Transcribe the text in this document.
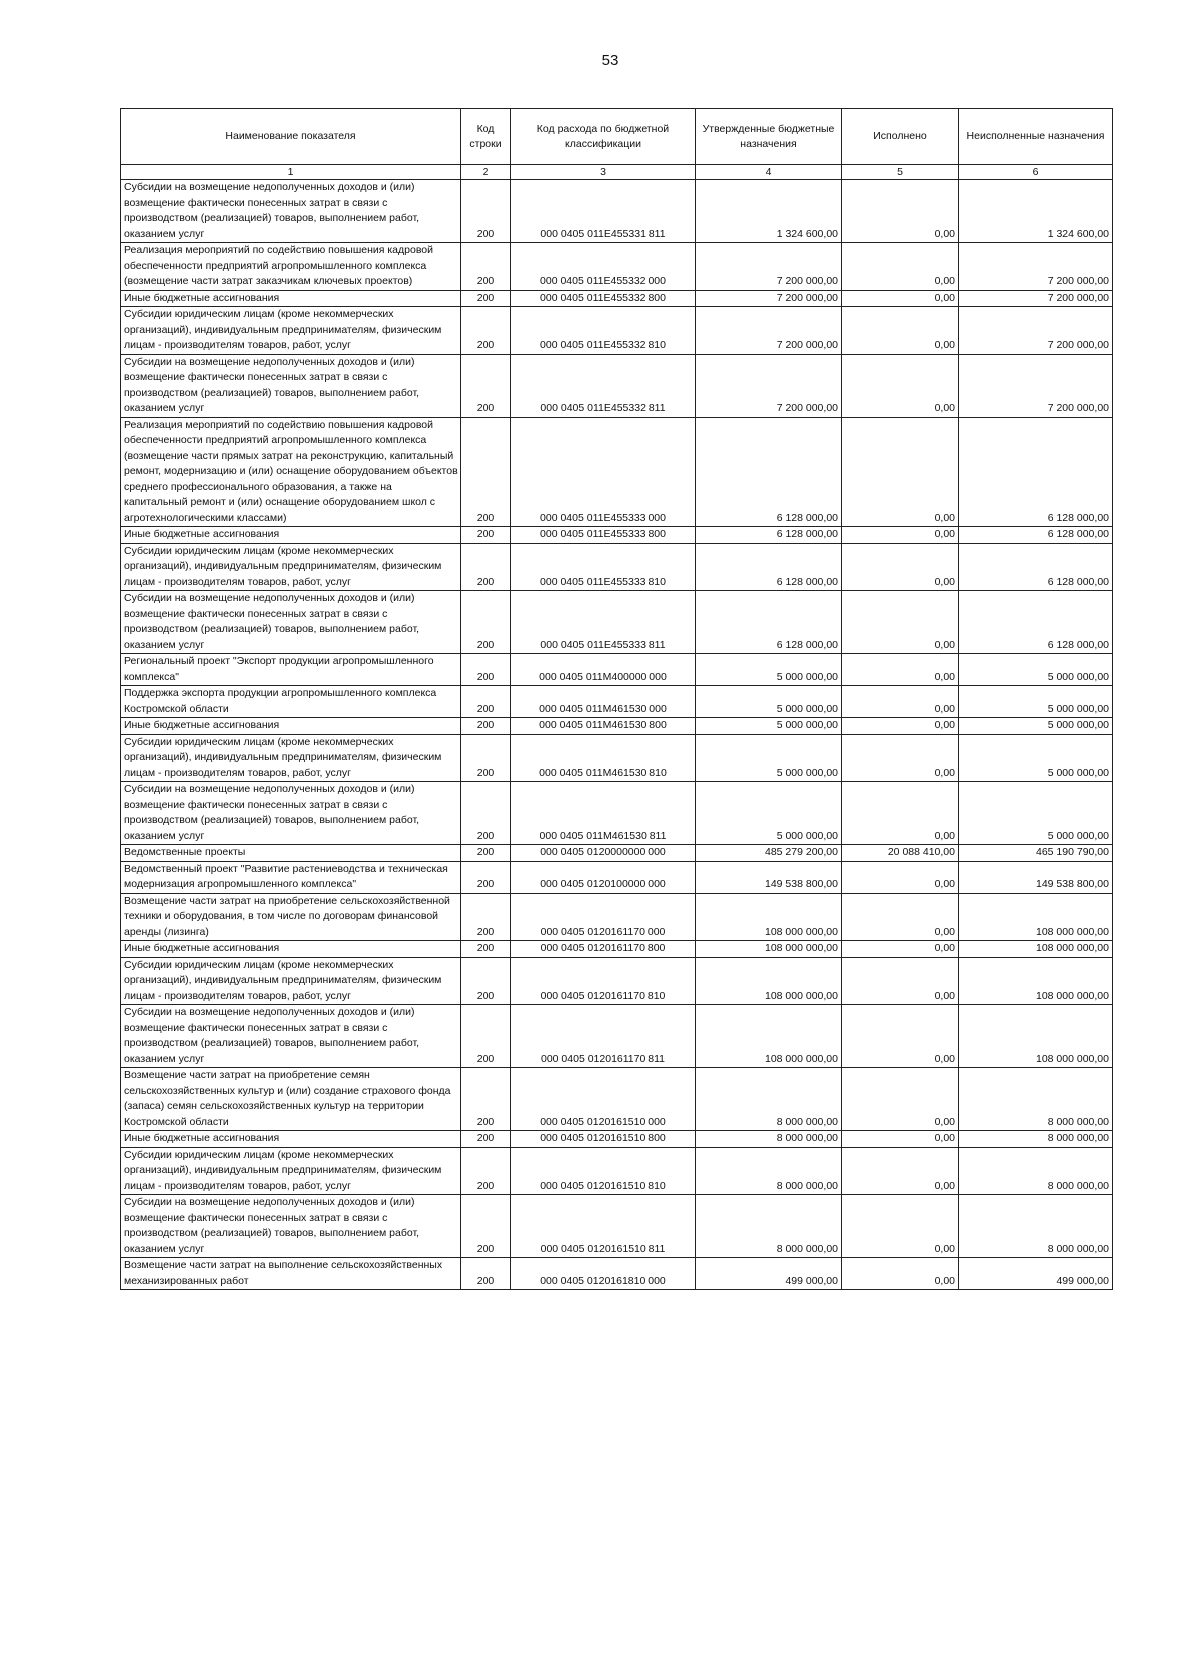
53
Наименование показателя	Код строки	Код расхода по бюджетной классификации	Утвержденные бюджетные назначения	Исполнено	Неисполненные назначения
1	2	3	4	5	6
Субсидии на возмещение недополученных доходов и (или) возмещение фактически понесенных затрат в связи с производством (реализацией) товаров, выполнением работ, оказанием услуг	200	000 0405 011E455331 811	1 324 600,00	0,00	1 324 600,00
Реализация мероприятий по содействию повышения кадровой обеспеченности предприятий агропромышленного комплекса (возмещение части затрат заказчикам ключевых проектов)	200	000 0405 011E455332 000	7 200 000,00	0,00	7 200 000,00
Иные бюджетные ассигнования	200	000 0405 011E455332 800	7 200 000,00	0,00	7 200 000,00
Субсидии юридическим лицам (кроме некоммерческих организаций), индивидуальным предпринимателям, физическим лицам - производителям товаров, работ, услуг	200	000 0405 011E455332 810	7 200 000,00	0,00	7 200 000,00
Субсидии на возмещение недополученных доходов и (или) возмещение фактически понесенных затрат в связи с производством (реализацией) товаров, выполнением работ, оказанием услуг	200	000 0405 011E455332 811	7 200 000,00	0,00	7 200 000,00
Реализация мероприятий по содействию повышения кадровой обеспеченности предприятий агропромышленного комплекса (возмещение части прямых затрат на реконструкцию, капитальный ремонт, модернизацию и (или) оснащение оборудованием объектов среднего профессионального образования, а также на капитальный ремонт и (или) оснащение оборудованием школ с агротехнологическими классами)	200	000 0405 011E455333 000	6 128 000,00	0,00	6 128 000,00
Иные бюджетные ассигнования	200	000 0405 011E455333 800	6 128 000,00	0,00	6 128 000,00
Субсидии юридическим лицам (кроме некоммерческих организаций), индивидуальным предпринимателям, физическим лицам - производителям товаров, работ, услуг	200	000 0405 011E455333 810	6 128 000,00	0,00	6 128 000,00
Субсидии на возмещение недополученных доходов и (или) возмещение фактически понесенных затрат в связи с производством (реализацией) товаров, выполнением работ, оказанием услуг	200	000 0405 011E455333 811	6 128 000,00	0,00	6 128 000,00
Региональный проект "Экспорт продукции агропромышленного комплекса"	200	000 0405 011M400000 000	5 000 000,00	0,00	5 000 000,00
Поддержка экспорта продукции агропромышленного комплекса Костромской области	200	000 0405 011M461530 000	5 000 000,00	0,00	5 000 000,00
Иные бюджетные ассигнования	200	000 0405 011M461530 800	5 000 000,00	0,00	5 000 000,00
Субсидии юридическим лицам (кроме некоммерческих организаций), индивидуальным предпринимателям, физическим лицам - производителям товаров, работ, услуг	200	000 0405 011M461530 810	5 000 000,00	0,00	5 000 000,00
Субсидии на возмещение недополученных доходов и (или) возмещение фактически понесенных затрат в связи с производством (реализацией) товаров, выполнением работ, оказанием услуг	200	000 0405 011M461530 811	5 000 000,00	0,00	5 000 000,00
Ведомственные проекты	200	000 0405 0120000000 000	485 279 200,00	20 088 410,00	465 190 790,00
Ведомственный проект "Развитие растениеводства и техническая модернизация агропромышленного комплекса"	200	000 0405 0120100000 000	149 538 800,00	0,00	149 538 800,00
Возмещение части затрат на приобретение сельскохозяйственной техники и оборудования, в том числе по договорам финансовой аренды (лизинга)	200	000 0405 0120161170 000	108 000 000,00	0,00	108 000 000,00
Иные бюджетные ассигнования	200	000 0405 0120161170 800	108 000 000,00	0,00	108 000 000,00
Субсидии юридическим лицам (кроме некоммерческих организаций), индивидуальным предпринимателям, физическим лицам - производителям товаров, работ, услуг	200	000 0405 0120161170 810	108 000 000,00	0,00	108 000 000,00
Субсидии на возмещение недополученных доходов и (или) возмещение фактически понесенных затрат в связи с производством (реализацией) товаров, выполнением работ, оказанием услуг	200	000 0405 0120161170 811	108 000 000,00	0,00	108 000 000,00
Возмещение части затрат на приобретение семян сельскохозяйственных культур и (или) создание страхового фонда (запаса) семян сельскохозяйственных культур на территории Костромской области	200	000 0405 0120161510 000	8 000 000,00	0,00	8 000 000,00
Иные бюджетные ассигнования	200	000 0405 0120161510 800	8 000 000,00	0,00	8 000 000,00
Субсидии юридическим лицам (кроме некоммерческих организаций), индивидуальным предпринимателям, физическим лицам - производителям товаров, работ, услуг	200	000 0405 0120161510 810	8 000 000,00	0,00	8 000 000,00
Субсидии на возмещение недополученных доходов и (или) возмещение фактически понесенных затрат в связи с производством (реализацией) товаров, выполнением работ, оказанием услуг	200	000 0405 0120161510 811	8 000 000,00	0,00	8 000 000,00
Возмещение части затрат на выполнение сельскохозяйственных механизированных работ	200	000 0405 0120161810 000	499 000,00	0,00	499 000,00
